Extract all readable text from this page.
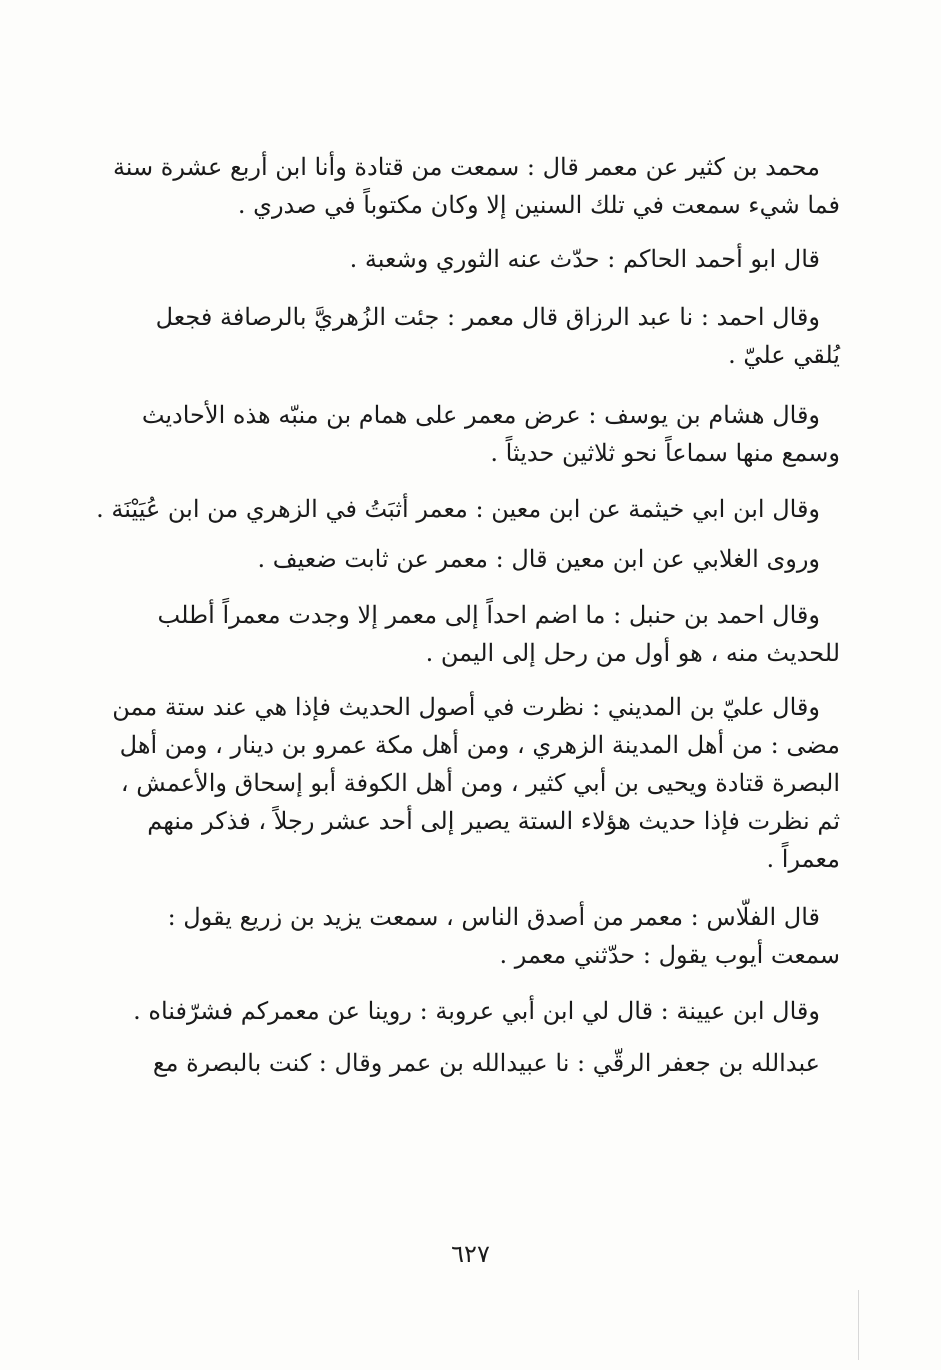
محمد بن كثير عن معمر قال : سمعت من قتادة وأنا ابن أربع عشرة سنة
فما شيء سمعت في تلك السنين إلا وكان مكتوباً في صدري .

قال ابو أحمد الحاكم : حدّث عنه الثوري وشعبة .

وقال احمد : نا عبد الرزاق قال معمر : جئت الزُهريَّ بالرصافة فجعل
يُلقي عليّ .

وقال هشام بن يوسف : عرض معمر على همام بن منبّه هذه الأحاديث
وسمع منها سماعاً نحو ثلاثين حديثاً .

وقال ابن ابي خيثمة عن ابن معين : معمر أثبَتُ في الزهري من ابن عُيَيْنَة .

وروى الغلابي عن ابن معين قال : معمر عن ثابت ضعيف .

وقال احمد بن حنبل : ما اضم احداً إلى معمر إلا وجدت معمراً أطلب
للحديث منه ، هو أول من رحل إلى اليمن .

وقال عليّ بن المديني : نظرت في أصول الحديث فإذا هي عند ستة ممن
مضى : من أهل المدينة الزهري ، ومن أهل مكة عمرو بن دينار ، ومن أهل
البصرة قتادة ويحيى بن أبي كثير ، ومن أهل الكوفة أبو إسحاق والأعمش ،
ثم نظرت فإذا حديث هؤلاء الستة يصير إلى أحد عشر رجلاً ، فذكر منهم
معمراً .

قال الفلّاس : معمر من أصدق الناس ، سمعت يزيد بن زريع يقول :
سمعت أيوب يقول : حدّثني معمر .

وقال ابن عيينة : قال لي ابن أبي عروبة : روينا عن معمركم فشرّفناه .

عبدالله بن جعفر الرقّي : نا عبيدالله بن عمر وقال : كنت بالبصرة مع

٦٢٧
